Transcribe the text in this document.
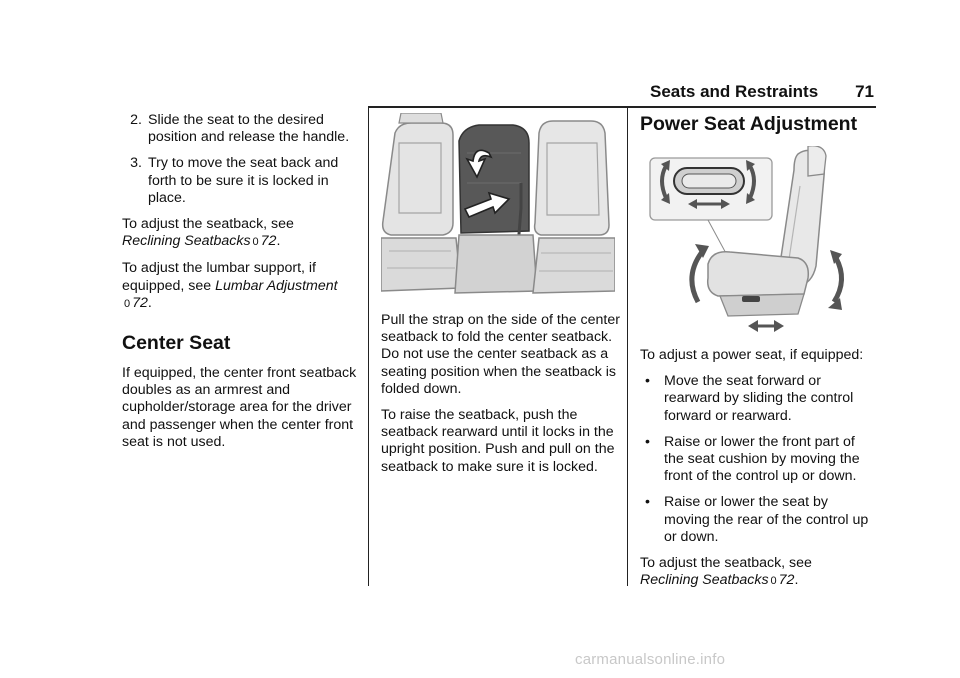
Seats and Restraints 71
2. Slide the seat to the desired position and release the handle.
3. Try to move the seat back and forth to be sure it is locked in place.

To adjust the seatback, see
Reclining Seatbacks 0 72.

To adjust the lumbar support, if equipped, see Lumbar Adjustment
0 72.

Center Seat

If equipped, the center front seatback doubles as an armrest and cupholder/storage area for the driver and passenger when the center front seat is not used.

Pull the strap on the side of the center seatback to fold the center seatback. Do not use the center seatback as a seating position when the seatback is folded down.

To raise the seatback, push the seatback rearward until it locks in the upright position. Push and pull on the seatback to make sure it is locked.

Power Seat Adjustment

To adjust a power seat, if equipped:

• Move the seat forward or rearward by sliding the control forward or rearward.
• Raise or lower the front part of the seat cushion by moving the front of the control up or down.
• Raise or lower the seat by moving the rear of the control up or down.

To adjust the seatback, see
Reclining Seatbacks 0 72.

carmanualsonline.info
